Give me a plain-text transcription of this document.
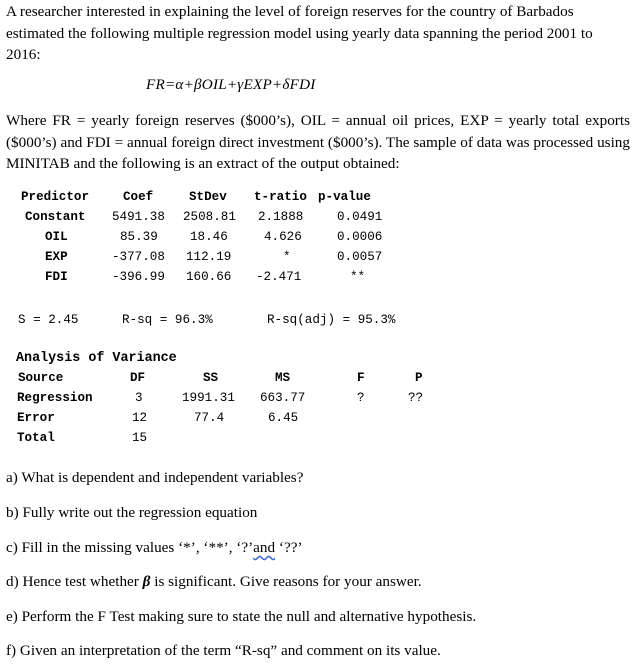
A researcher interested in explaining the level of foreign reserves for the country of Barbados estimated the following multiple regression model using yearly data spanning the period 2001 to 2016:
FR=α+βOIL+γEXP+δFDI
Where FR = yearly foreign reserves ($000’s), OIL = annual oil prices, EXP = yearly total exports ($000’s) and FDI = annual foreign direct investment ($000’s). The sample of data was processed using MINITAB and the following is an extract of the output obtained:
Predictor	Coef	StDev t-ratio p-value
Constant 5491.38 2508.81 2.1888	0.0491
OIL	85.39	18.46	4.626	0.0006
EXP	-377.08 112.19	*	0.0057
FDI	-396.99 160.66 -2.471	**
S = 2.45	R-sq = 96.3%	R-sq(adj) = 95.3%
Analysis of Variance
Source	DF	SS	MS	F	P
Regression	3	1991.31 663.77	?	??
Error	12	77.4	6.45
Total	15
a) What is dependent and independent variables?
b) Fully write out the regression equation
c) Fill in the missing values ‘*’, ‘**’, ‘?’and ‘??’
d) Hence test whether β is significant. Give reasons for your answer.
e) Perform the F Test making sure to state the null and alternative hypothesis.
f) Given an interpretation of the term “R-sq” and comment on its value.
